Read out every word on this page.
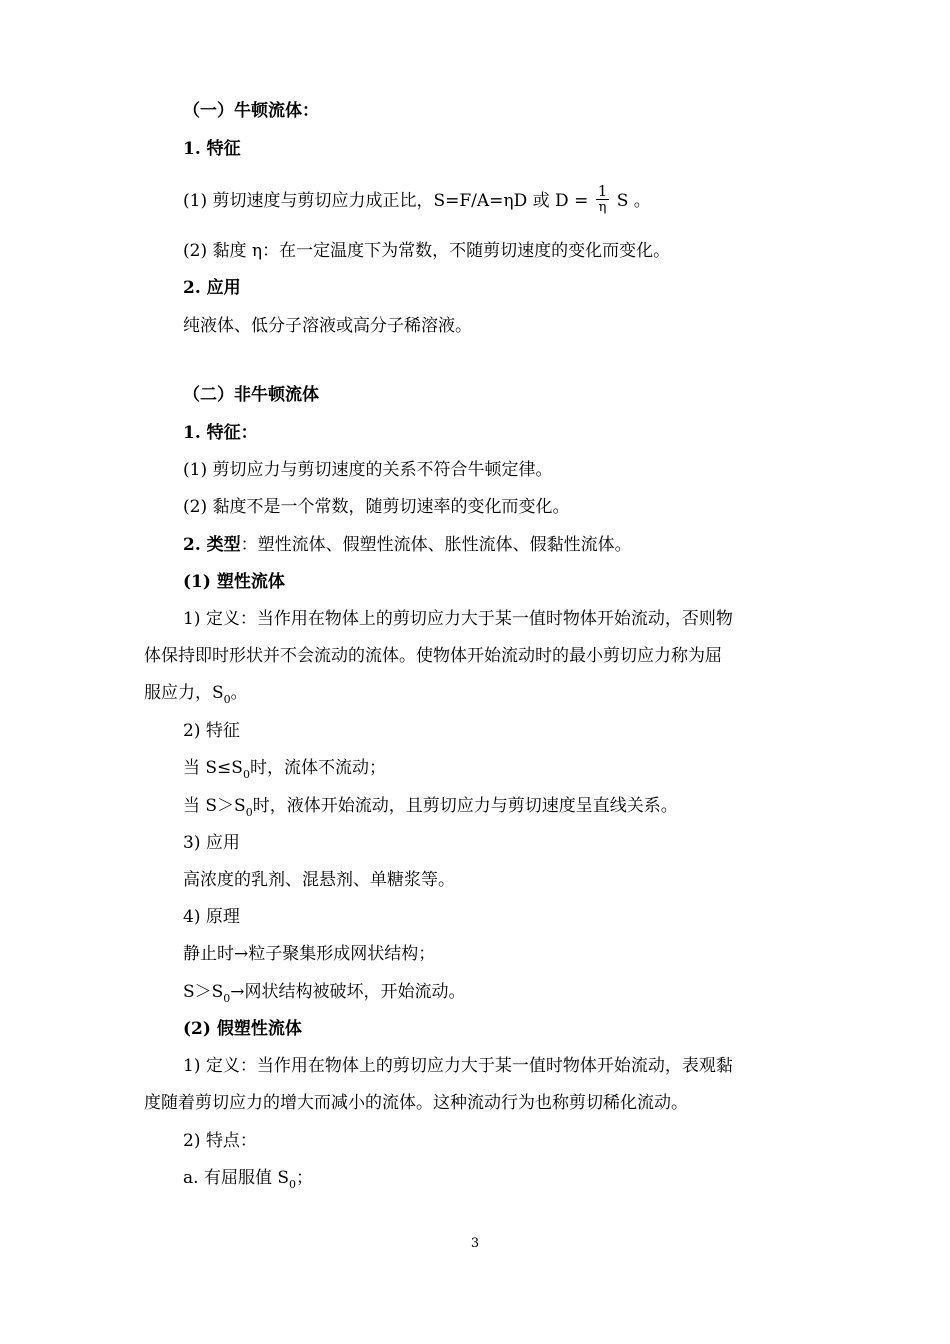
（一）牛顿流体：
1. 特征
(1) 剪切速度与剪切应力成正比，S=F/A=ηD 或 $D = \frac{1}{\eta}$ S 。
(2) 黏度 η：在一定温度下为常数，不随剪切速度的变化而变化。
2. 应用
纯液体、低分子溶液或高分子稀溶液。
（二）非牛顿流体
1. 特征：
(1) 剪切应力与剪切速度的关系不符合牛顿定律。
(2) 黏度不是一个常数，随剪切速率的变化而变化。
2. 类型：塑性流体、假塑性流体、胀性流体、假黏性流体。
(1) 塑性流体
1) 定义：当作用在物体上的剪切应力大于某一值时物体开始流动，否则物
体保持即时形状并不会流动的流体。使物体开始流动时的最小剪切应力称为屈
服应力，$S_0$。
2) 特征
当 $S\le S_0$时，流体不流动；
当 $S>S_0$时，液体开始流动，且剪切应力与剪切速度呈直线关系。
3) 应用
高浓度的乳剂、混悬剂、单糖浆等。
4) 原理
静止时→粒子聚集形成网状结构；
$S>S_0\to$网状结构被破坏，开始流动。
(2) 假塑性流体
1) 定义：当作用在物体上的剪切应力大于某一值时物体开始流动，表观黏
度随着剪切应力的增大而减小的流体。这种流动行为也称剪切稀化流动。
2) 特点：
a. 有屈服值 $S_0$；
3
